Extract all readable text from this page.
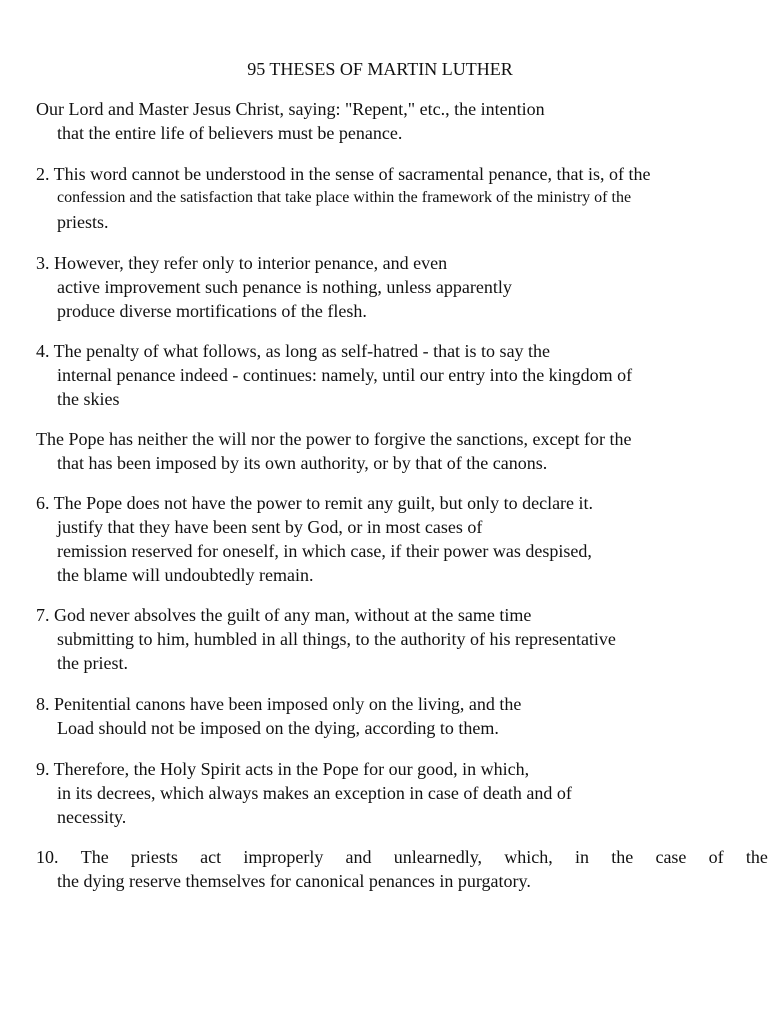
95 THESES OF MARTIN LUTHER
Our Lord and Master Jesus Christ, saying: "Repent," etc., the intention
that the entire life of believers must be penance.
2. This word cannot be understood in the sense of sacramental penance, that is, of the
confession and the satisfaction that take place within the framework of the ministry of the
priests.
3. However, they refer only to interior penance, and even
active improvement such penance is nothing, unless apparently
produce diverse mortifications of the flesh.
4. The penalty of what follows, as long as self-hatred - that is to say the
internal penance indeed - continues: namely, until our entry into the kingdom of
the skies
The Pope has neither the will nor the power to forgive the sanctions, except for the
that has been imposed by its own authority, or by that of the canons.
6. The Pope does not have the power to remit any guilt, but only to declare it.
justify that they have been sent by God, or in most cases of
remission reserved for oneself, in which case, if their power was despised,
the blame will undoubtedly remain.
7. God never absolves the guilt of any man, without at the same time
submitting to him, humbled in all things, to the authority of his representative
the priest.
8. Penitential canons have been imposed only on the living, and the
Load should not be imposed on the dying, according to them.
9. Therefore, the Holy Spirit acts in the Pope for our good, in which,
in its decrees, which always makes an exception in case of death and of
necessity.
10. The priests act improperly and unlearnedly, which, in the case of the
the dying reserve themselves for canonical penances in purgatory.
